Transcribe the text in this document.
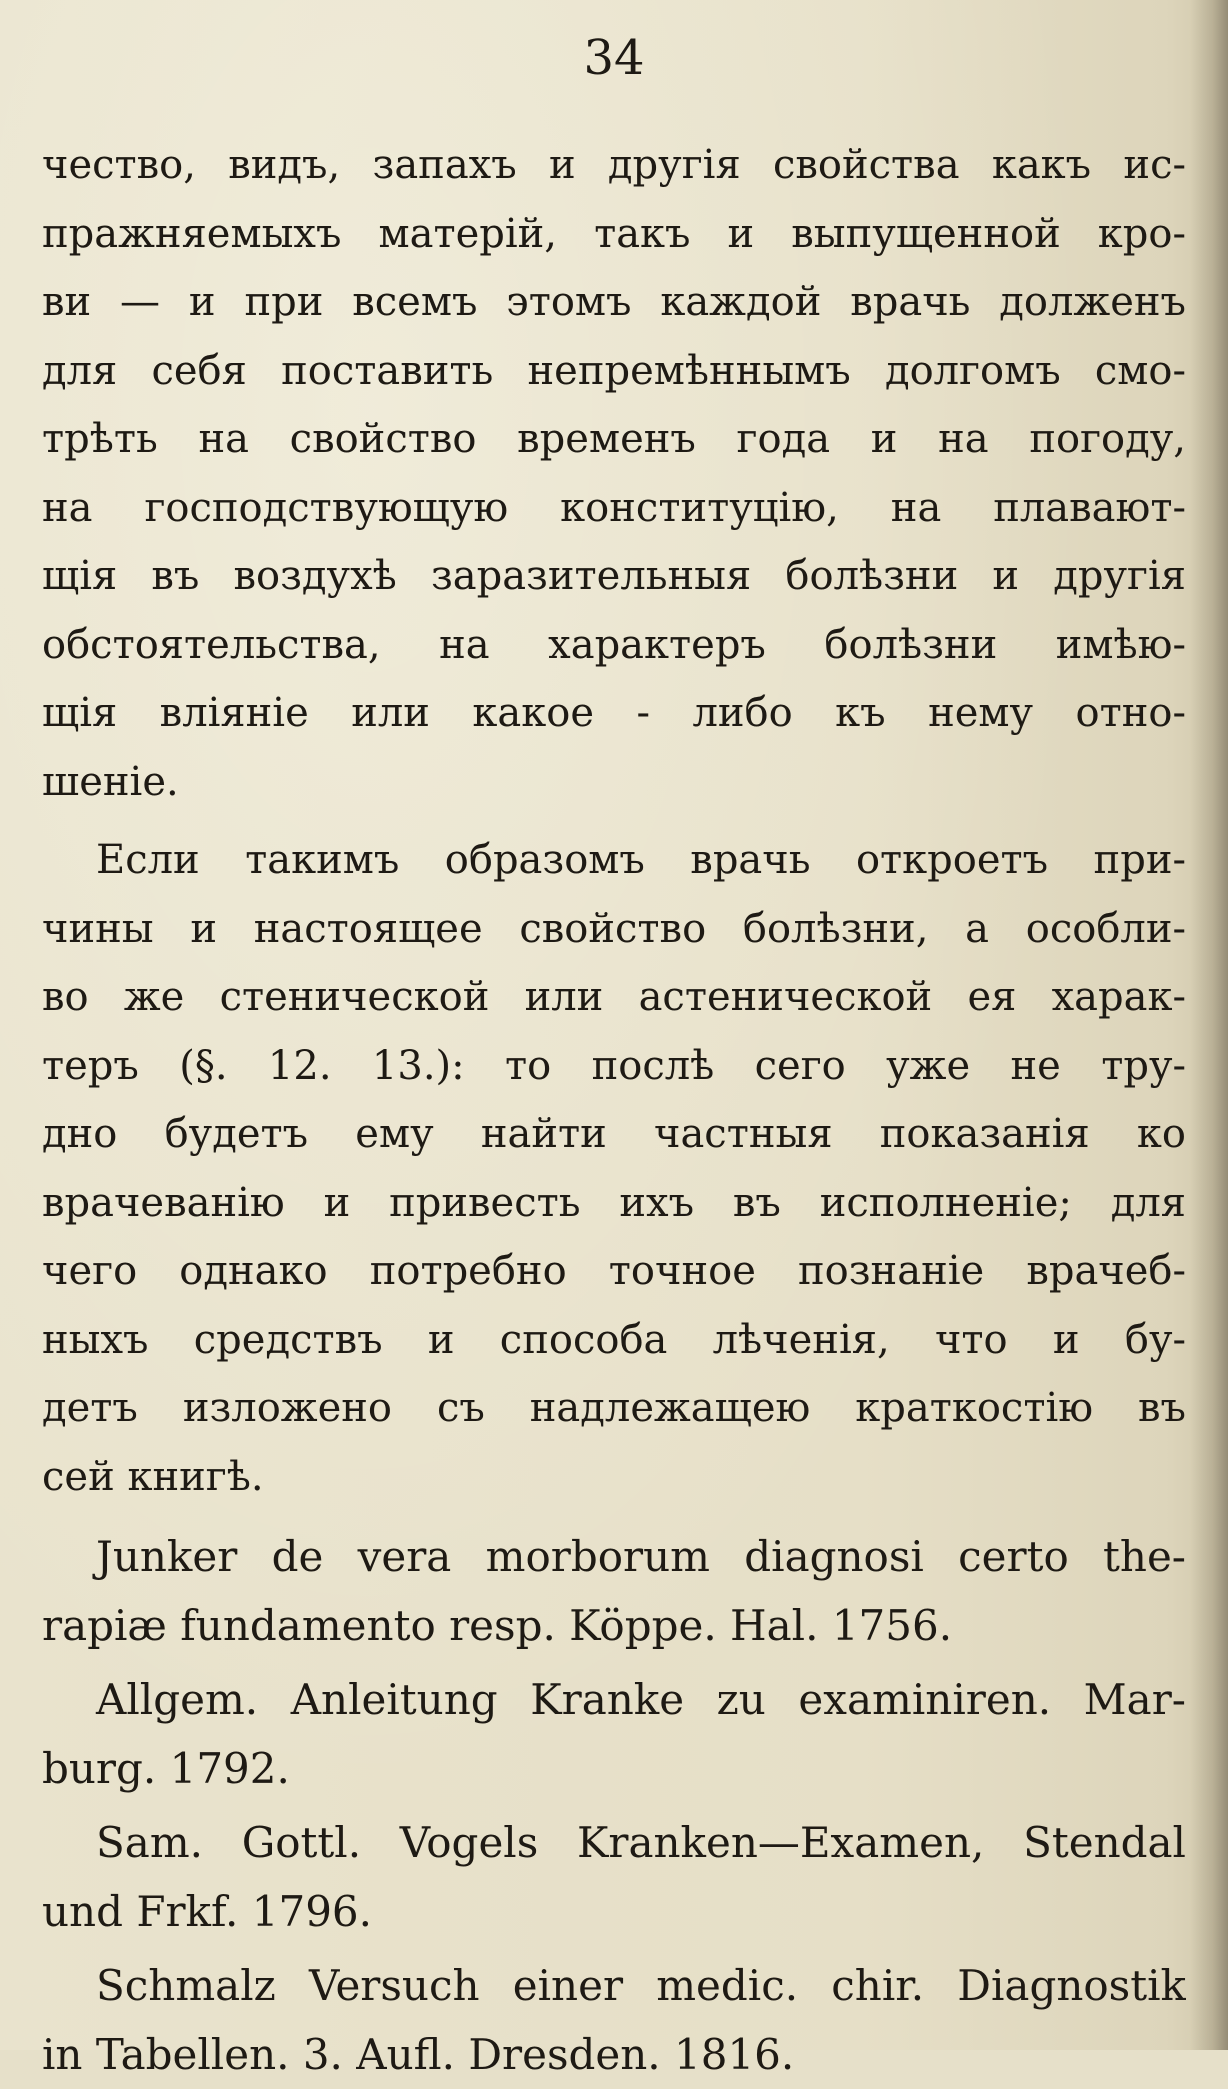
34
чество, видъ, запахъ и другія свойства какъ ис-
пражняемыхъ матерій, такъ и выпущенной кро-
ви — и при всемъ этомъ каждой врачь долженъ
для себя поставить непремѣннымъ долгомъ смо-
трѣть на свойство временъ года и на погоду,
на господствующую конституцію, на плавают-
щія въ воздухѣ заразительныя болѣзни и другія
обстоятельства, на характеръ болѣзни имѣю-
щія вліяніе или какое - либо къ нему отно-
шеніе.
Если такимъ образомъ врачь откроетъ при-
чины и настоящее свойство болѣзни, а особли-
во же стенической или астенической ея харак-
теръ (§. 12. 13.): то послѣ сего уже не тру-
дно будетъ ему найти частныя показанія ко
врачеванію и привесть ихъ въ исполненіе; для
чего однако потребно точное познаніе врачеб-
ныхъ средствъ и способа лѣченія, что и бу-
детъ изложено съ надлежащею краткостію въ
сей книгѣ.
Junker de vera morborum diagnosi certo the-
rapiæ fundamento resp. Köppe. Hal. 1756.
Allgem. Anleitung Kranke zu examiniren. Mar-
burg. 1792.
Sam. Gottl. Vogels Kranken—Examen, Stendal
und Frkf. 1796.
Schmalz Versuch einer medic. chir. Diagnostik
in Tabellen. 3. Aufl. Dresden. 1816.
